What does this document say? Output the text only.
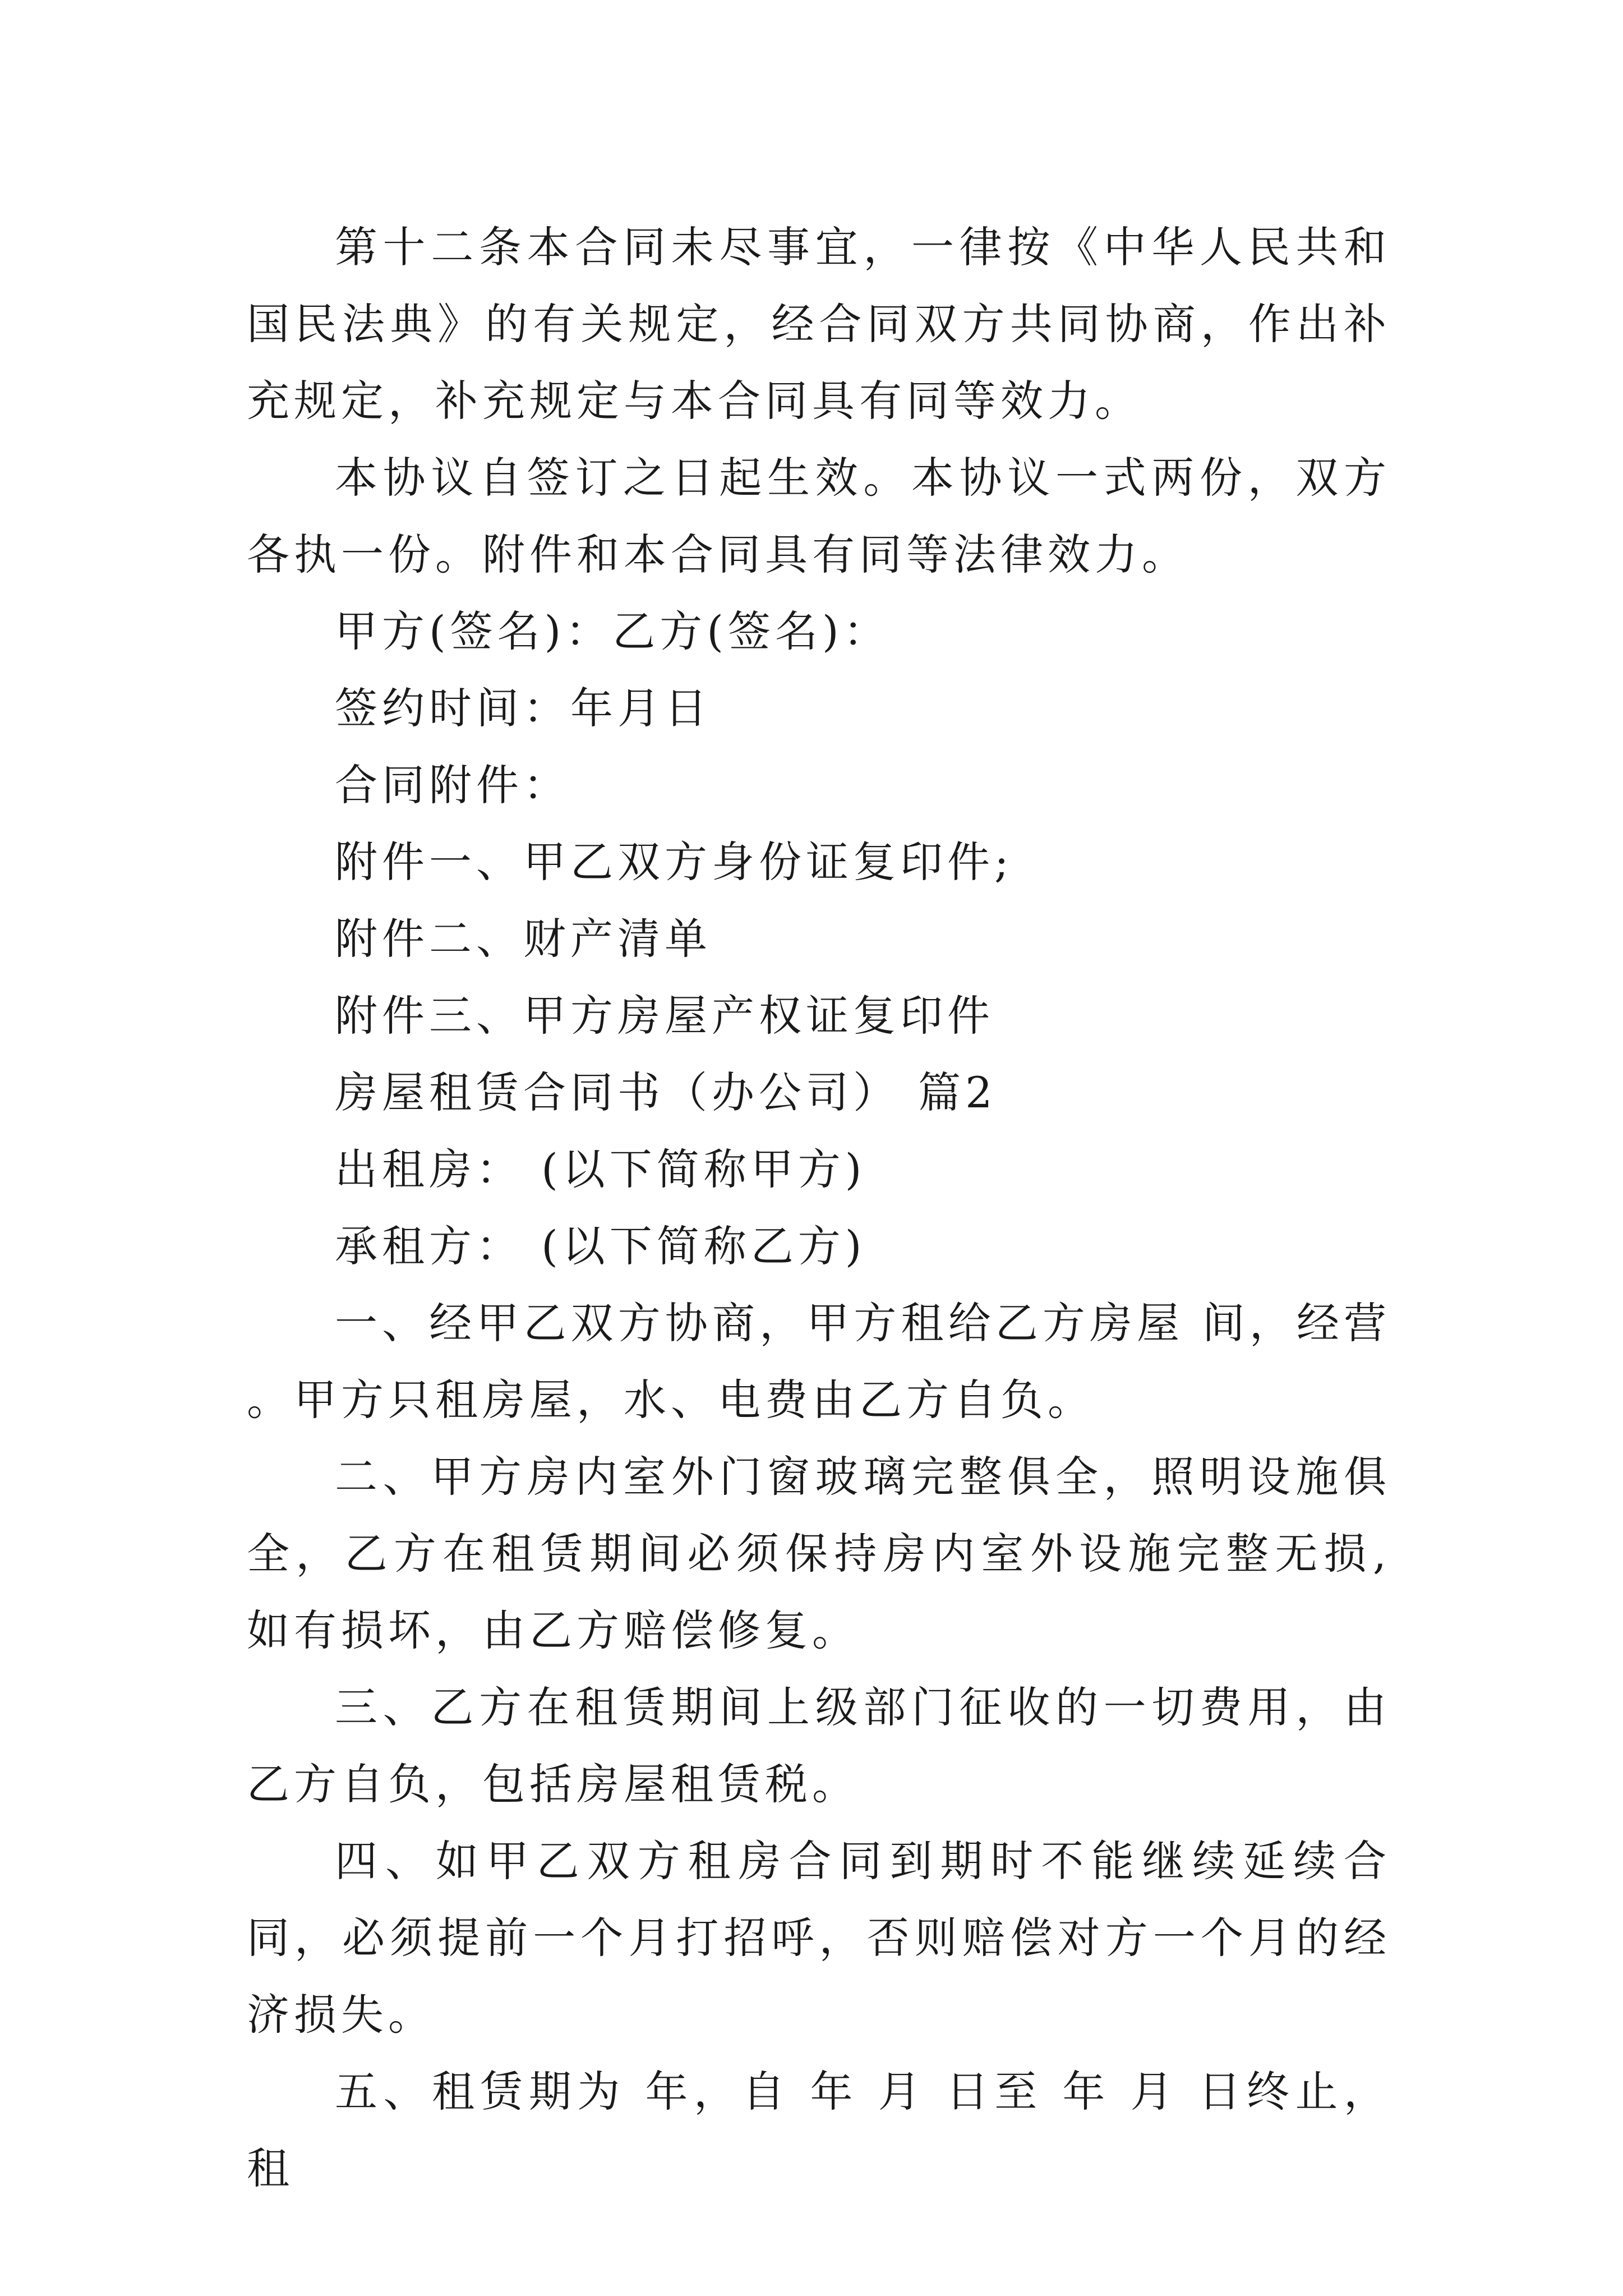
第十二条本合同未尽事宜，一律按《中华人民共和国民法典》的有关规定，经合同双方共同协商，作出补充规定，补充规定与本合同具有同等效力。

本协议自签订之日起生效。本协议一式两份，双方各执一份。附件和本合同具有同等法律效力。

甲方(签名)：乙方(签名)：

签约时间：年月日

合同附件：

附件一、甲乙双方身份证复印件;

附件二、财产清单

附件三、甲方房屋产权证复印件

房屋租赁合同书（办公司） 篇2

出租房： (以下简称甲方)

承租方： (以下简称乙方)

一、经甲乙双方协商，甲方租给乙方房屋 间，经营 。甲方只租房屋，水、电费由乙方自负。

二、甲方房内室外门窗玻璃完整俱全，照明设施俱全，乙方在租赁期间必须保持房内室外设施完整无损,如有损坏，由乙方赔偿修复。

三、乙方在租赁期间上级部门征收的一切费用，由乙方自负，包括房屋租赁税。

四、如甲乙双方租房合同到期时不能继续延续合同，必须提前一个月打招呼，否则赔偿对方一个月的经济损失。

五、租赁期为 年，自 年 月 日至 年 月 日终止，租
